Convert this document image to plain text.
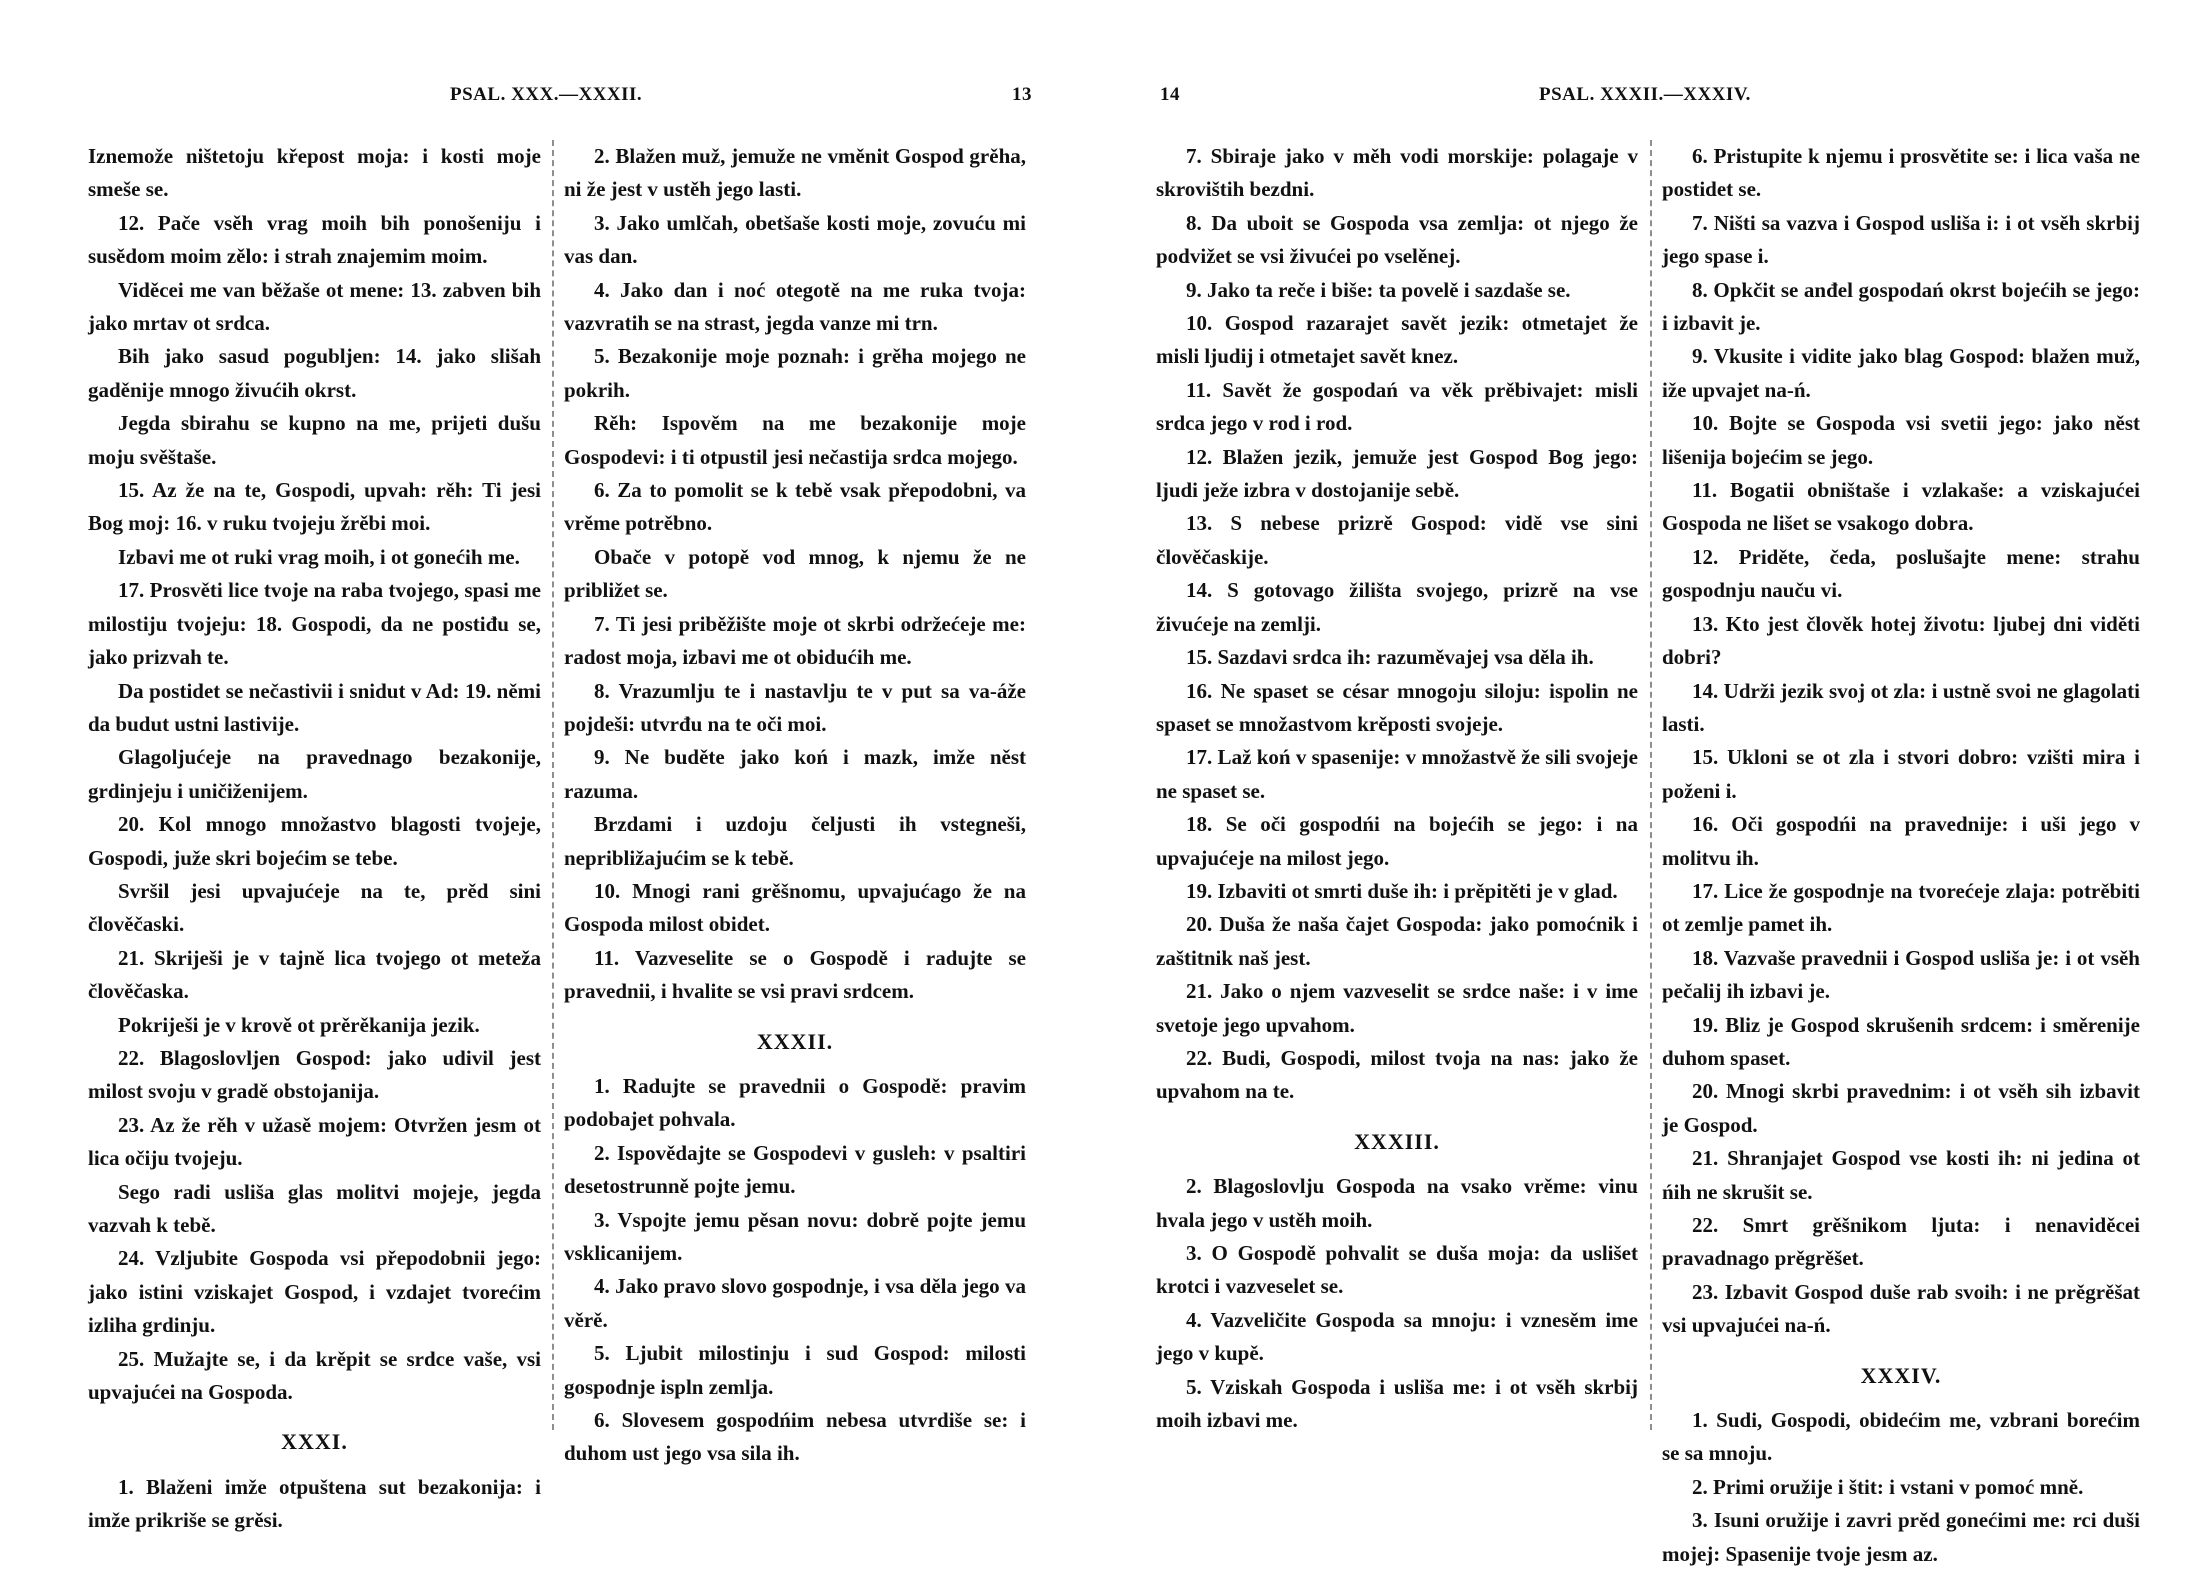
PSAL. XXX.—XXXII.	13

Iznemože ništetoju křepost moja: i kosti moje smeše se.

12. Pače vsěh vrag moih bih ponošeniju i susědom moim zělo: i strah znajemim moim.

Viděcei me van běžaše ot mene: 13. zabven bih jako mrtav ot srdca.

Bih jako sasud pogubljen: 14. jako slišah gaděnije mnogo živućih okrst.

Jegda sbirahu se kupno na me, prijeti dušu moju svěštaše.

15. Az že na te, Gospodi, upvah: rěh: Ti jesi Bog moj: 16. v ruku tvojeju žrěbi moi.

Izbavi me ot ruki vrag moih, i ot gonećih me.

17. Prosvěti lice tvoje na raba tvojego, spasi me milostiju tvojeju: 18. Gospodi, da ne postiđu se, jako prizvah te.

Da postidet se nečastivii i snidut v Ad: 19. němi da budut ustni lastivije.

Glagoljućeje na pravednago bezakonije, grdinjeju i uničiženijem.

20. Kol mnogo množastvo blagosti tvojeje, Gospodi, juže skri bojećim se tebe.

Svršil jesi upvajućeje na te, prěd sini člověčaski.

21. Skriješi je v tajně lica tvojego ot meteža člověčaska.

Pokriješi je v krově ot prěrěkanija jezik.

22. Blagoslovljen Gospod: jako udivil jest milost svoju v gradě obstojanija.

23. Az že rěh v užasě mojem: Otvržen jesm ot lica očiju tvojeju.

Sego radi usliša glas molitvi mojeje, jegda vazvah k tebě.

24. Vzljubite Gospoda vsi přepodobnii jego: jako istini vziskajet Gospod, i vzdajet tvorećim izliha grdinju.

25. Mužajte se, i da krěpit se srdce vaše, vsi upvajućei na Gospoda.

XXXI.

1. Blaženi imže otpuštena sut bezakonija: i imže prikriše se grěsi.

2. Blažen muž, jemuže ne vměnit Gospod grěha, ni že jest v ustěh jego lasti.

3. Jako umlčah, obetšaše kosti moje, zovuću mi vas dan.

4. Jako dan i noć otegotě na me ruka tvoja: vazvratih se na strast, jegda vanze mi trn.

5. Bezakonije moje poznah: i grěha mojego ne pokrih.

Rěh: Ispověm na me bezakonije moje Gospodevi: i ti otpustil jesi nečastija srdca mojego.

6. Za to pomolit se k tebě vsak přepodobni, va vrěme potrěbno.

Obače v potopě vod mnog, k njemu že ne približet se.

7. Ti jesi priběžište moje ot skrbi održećeje me: radost moja, izbavi me ot obidućih me.

8. Vrazumlju te i nastavlju te v put sa va-áže pojdeši: utvrđu na te oči moi.

9. Ne buděte jako koń i mazk, imže něst razuma.

Brzdami i uzdoju čeljusti ih vstegneši, nepribližajućim se k tebě.

10. Mnogi rani grěšnomu, upvajućago že na Gospoda milost obidet.

11. Vazveselite se o Gospodě i radujte se pravednii, i hvalite se vsi pravi srdcem.

XXXII.

1. Radujte se pravednii o Gospodě: pravim podobajet pohvala.

2. Ispovědajte se Gospodevi v gusleh: v psaltiri desetostrunně pojte jemu.

3. Vspojte jemu pěsan novu: dobrě pojte jemu vsklicanijem.

4. Jako pravo slovo gospodnje, i vsa děla jego va věrě.

5. Ljubit milostinju i sud Gospod: milosti gospodnje ispln zemlja.

6. Slovesem gospodńim nebesa utvrdiše se: i duhom ust jego vsa sila ih.

14	PSAL. XXXII.—XXXIV.

7. Sbiraje jako v měh vodi morskije: polagaje v skrovištih bezdni.

8. Da uboit se Gospoda vsa zemlja: ot njego že podvižet se vsi živućei po vselěnej.

9. Jako ta reče i biše: ta povelě i sazdaše se.

10. Gospod razarajet savět jezik: otmetajet že misli ljudij i otmetajet savět knez.

11. Savět že gospodań va věk prěbivajet: misli srdca jego v rod i rod.

12. Blažen jezik, jemuže jest Gospod Bog jego: ljudi ježe izbra v dostojanije sebě.

13. S nebese prizrě Gospod: vidě vse sini člověčaskije.

14. S gotovago žilišta svojego, prizrě na vse živućeje na zemlji.

15. Sazdavi srdca ih: razuměvajej vsa děla ih.

16. Ne spaset se césar mnogoju siloju: ispolin ne spaset se množastvom krěposti svojeje.

17. Laž koń v spasenije: v množastvě že sili svojeje ne spaset se.

18. Se oči gospodńi na bojećih se jego: i na upvajućeje na milost jego.

19. Izbaviti ot smrti duše ih: i prěpitěti je v glad.

20. Duša že naša čajet Gospoda: jako pomoćnik i zaštitnik naš jest.

21. Jako o njem vazveselit se srdce naše: i v ime svetoje jego upvahom.

22. Budi, Gospodi, milost tvoja na nas: jako že upvahom na te.

XXXIII.

2. Blagoslovlju Gospoda na vsako vrěme: vinu hvala jego v ustěh moih.

3. O Gospodě pohvalit se duša moja: da uslišet krotci i vazveselet se.

4. Vazveličite Gospoda sa mnoju: i vznesěm ime jego v kupě.

5. Vziskah Gospoda i usliša me: i ot vsěh skrbij moih izbavi me.

6. Pristupite k njemu i prosvětite se: i lica vaša ne postidet se.

7. Ništi sa vazva i Gospod usliša i: i ot vsěh skrbij jego spase i.

8. Opkčit se anđel gospodań okrst bojećih se jego: i izbavit je.

9. Vkusite i vidite jako blag Gospod: blažen muž, iže upvajet na-ń.

10. Bojte se Gospoda vsi svetii jego: jako něst lišenija bojećim se jego.

11. Bogatii obništaše i vzlakaše: a vziskajućei Gospoda ne lišet se vsakogo dobra.

12. Priděte, čeda, poslušajte mene: strahu gospodnju nauču vi.

13. Kto jest člověk hotej životu: ljubej dni viděti dobri?

14. Udrži jezik svoj ot zla: i ustně svoi ne glagolati lasti.

15. Ukloni se ot zla i stvori dobro: vzišti mira i poženi i.

16. Oči gospodńi na pravednije: i uši jego v molitvu ih.

17. Lice že gospodnje na tvorećeje zlaja: potrěbiti ot zemlje pamet ih.

18. Vazvaše pravednii i Gospod usliša je: i ot vsěh pečalij ih izbavi je.

19. Bliz je Gospod skrušenih srdcem: i směrenije duhom spaset.

20. Mnogi skrbi pravednim: i ot vsěh sih izbavit je Gospod.

21. Shranjajet Gospod vse kosti ih: ni jedina ot ńih ne skrušit se.

22. Smrt grěšnikom ljuta: i nenaviděcei pravadnago prěgrěšet.

23. Izbavit Gospod duše rab svoih: i ne prěgrěšat vsi upvajućei na-ń.

XXXIV.

1. Sudi, Gospodi, obidećim me, vzbrani borećim se sa mnoju.

2. Primi oružije i štit: i vstani v pomoć mně.

3. Isuni oružije i zavri prěd gonećimi me: rci duši mojej: Spasenije tvoje jesm az.
